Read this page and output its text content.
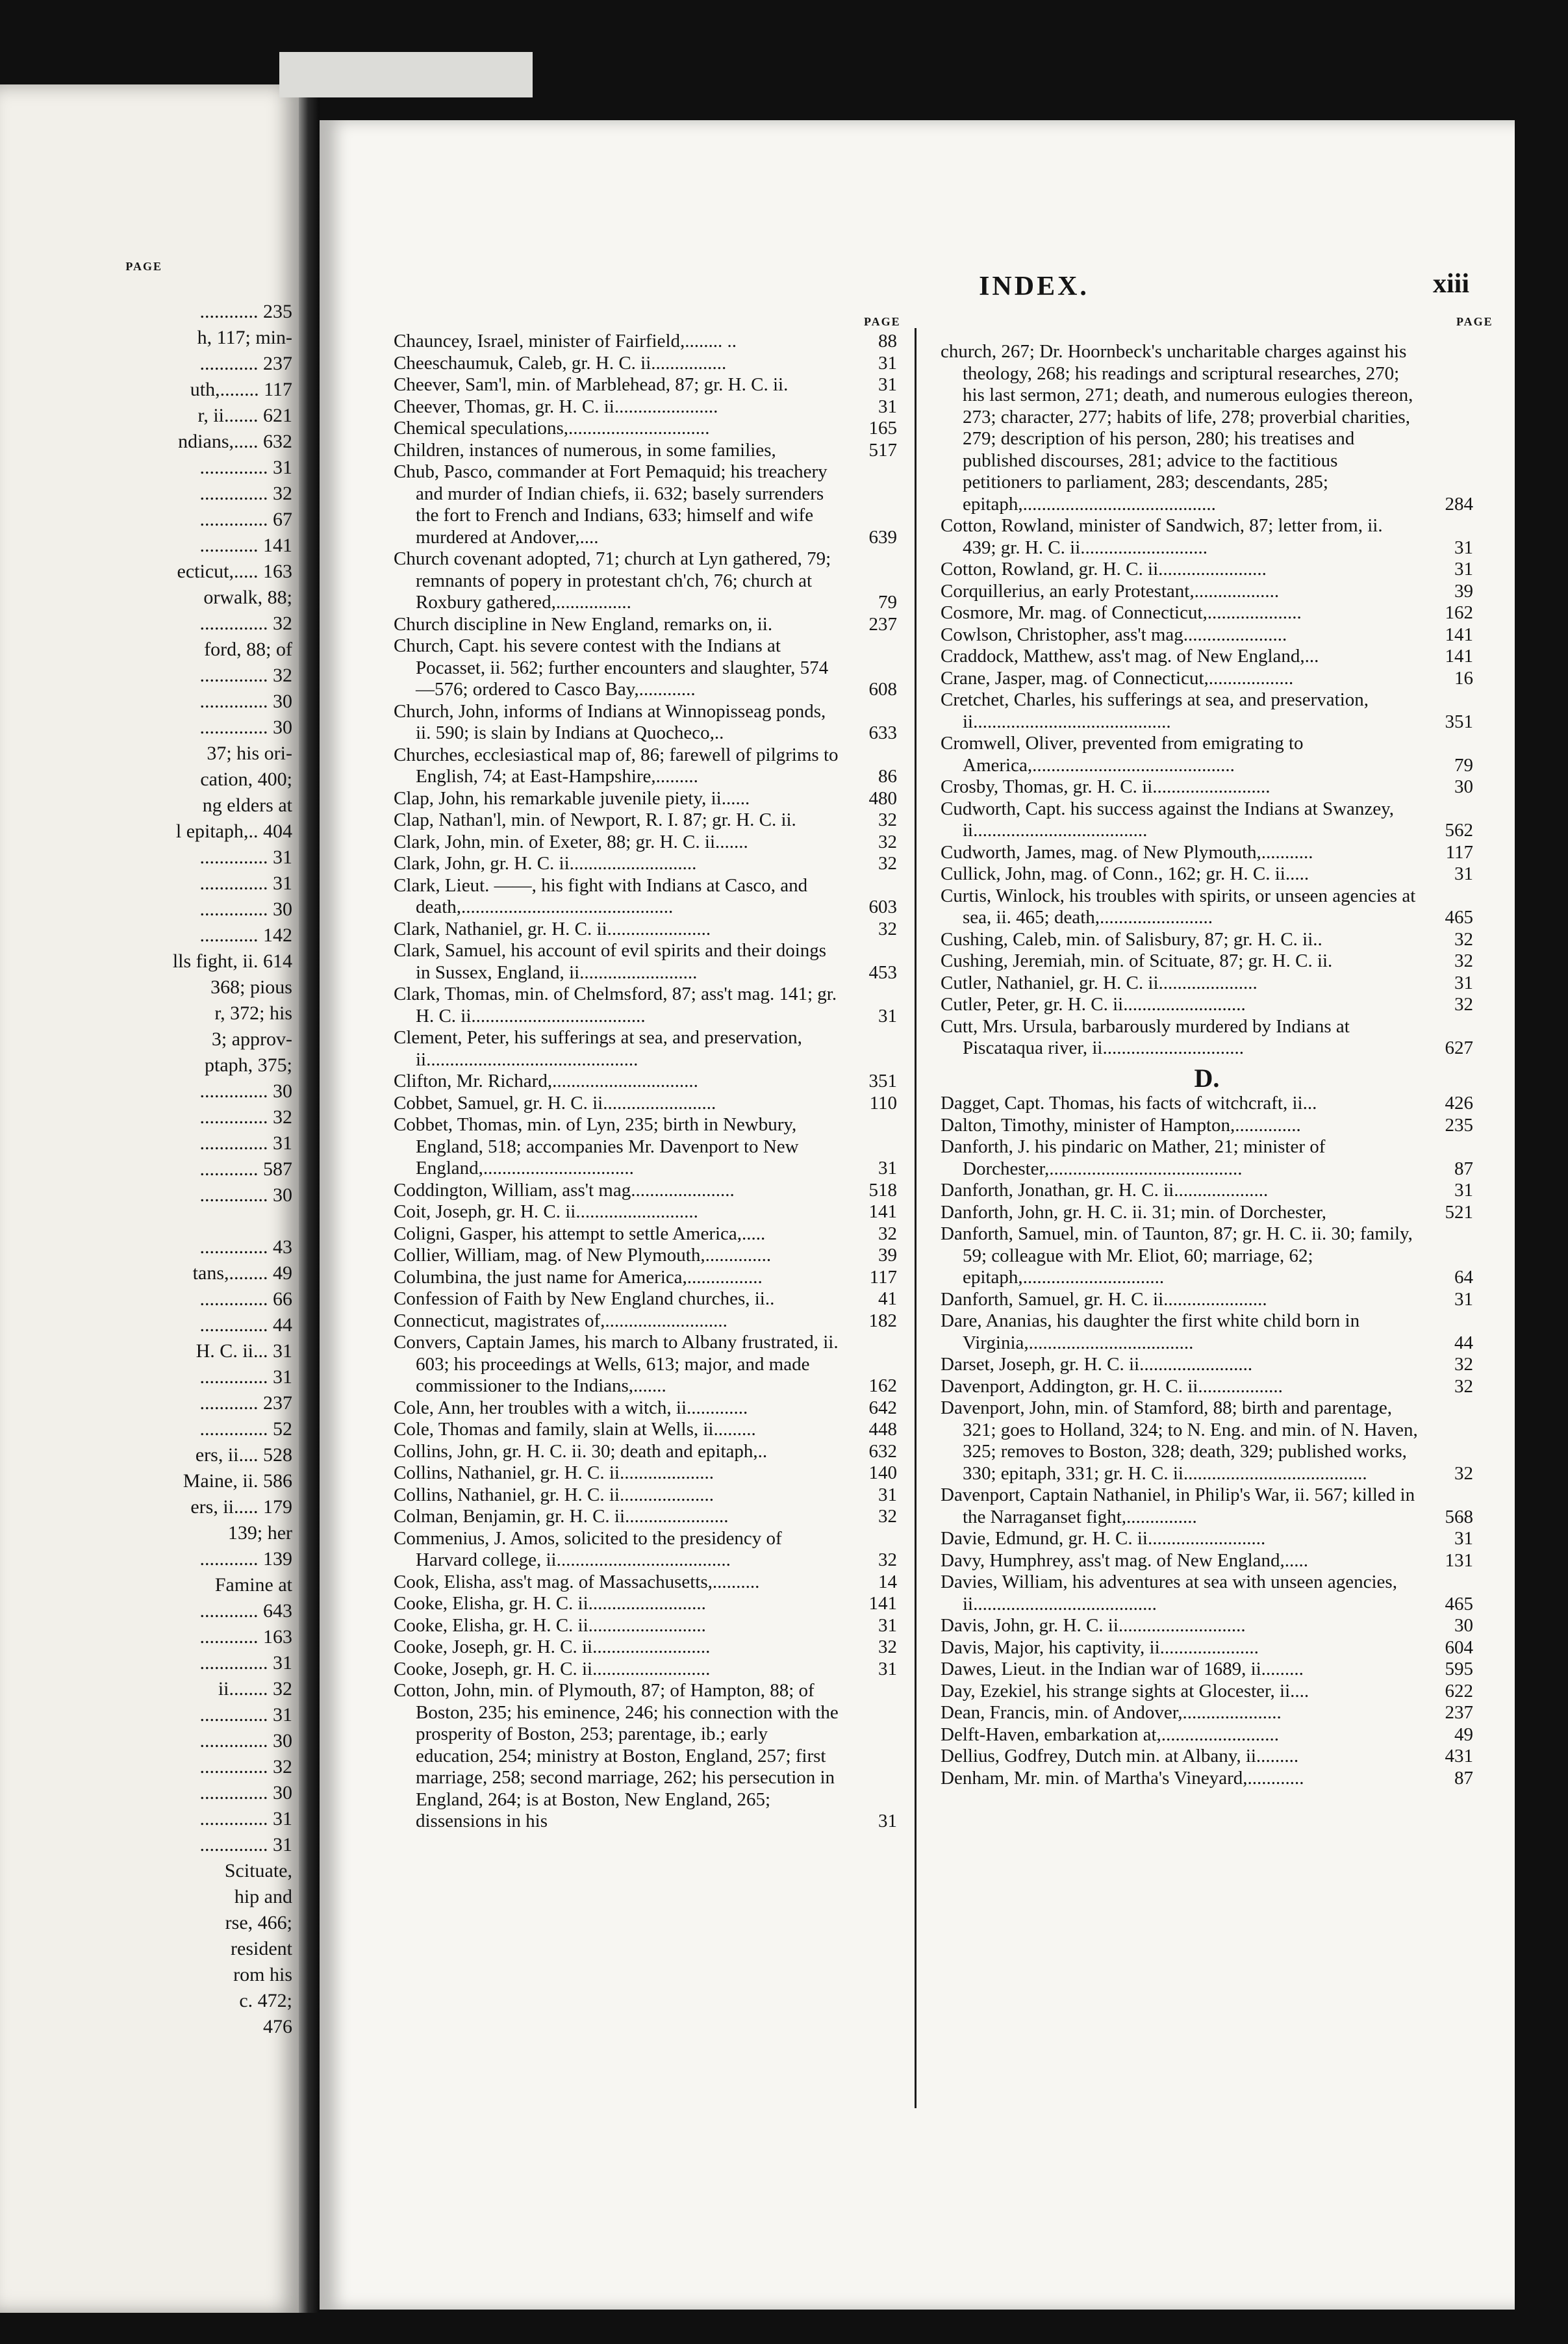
PAGE
............ 235
h, 117; min-
............ 237
uth,........ 117
r, ii....... 621
ndians,..... 632
.............. 31
.............. 32
.............. 67
............ 141
ecticut,..... 163
orwalk, 88;
.............. 32
ford, 88; of
.............. 32
.............. 30
.............. 30
37; his ori-
cation, 400;
ng elders at
l epitaph,.. 404
.............. 31
.............. 31
.............. 30
............ 142
lls fight, ii. 614
368; pious
r, 372; his
3; approv-
ptaph, 375;
.............. 30
.............. 32
.............. 31
............ 587
.............. 30
.............. 43
tans,........ 49
.............. 66
.............. 44
H. C. ii... 31
.............. 31
............ 237
.............. 52
ers, ii.... 528
Maine, ii. 586
ers, ii..... 179
139; her
............ 139
Famine at
............ 643
............ 163
.............. 31
ii........ 32
.............. 31
.............. 30
.............. 32
.............. 30
.............. 31
.............. 31
Scituate,
hip and
rse, 466;
resident
rom his
c. 472;
476
INDEX.	xiii
PAGE	PAGE
Chauncey, Israel, minister of Fairfield,........ ..	88
Cheeschaumuk, Caleb, gr. H. C. ii................	31
Cheever, Sam'l, min. of Marblehead, 87; gr. H. C. ii.	31
Cheever, Thomas, gr. H. C. ii......................	31
Chemical speculations,..............................	165
Children, instances of numerous, in some families,	517
Chub, Pasco, commander at Fort Pemaquid; his treachery and murder of Indian chiefs, ii. 632; basely surrenders the fort to French and Indians, 633; himself and wife murdered at Andover,....	639
Church covenant adopted, 71; church at Lyn gathered, 79; remnants of popery in protestant ch'ch, 76; church at Roxbury gathered,................	79
Church discipline in New England, remarks on, ii.	237
Church, Capt. his severe contest with the Indians at Pocasset, ii. 562; further encounters and slaughter, 574—576; ordered to Casco Bay,............	608
Church, John, informs of Indians at Winnopisseag ponds, ii. 590; is slain by Indians at Quocheco,..	633
Churches, ecclesiastical map of, 86; farewell of pilgrims to English, 74; at East-Hampshire,.........	86
Clap, John, his remarkable juvenile piety, ii......	480
Clap, Nathan'l, min. of Newport, R. I. 87; gr. H. C. ii.	32
Clark, John, min. of Exeter, 88; gr. H. C. ii.......	32
Clark, John, gr. H. C. ii...........................	32
Clark, Lieut. ——, his fight with Indians at Casco, and death,.............................................	603
Clark, Nathaniel, gr. H. C. ii......................	32
Clark, Samuel, his account of evil spirits and their doings in Sussex, England, ii.........................	453
Clark, Thomas, min. of Chelmsford, 87; ass't mag. 141; gr. H. C. ii.....................................	31
Clement, Peter, his sufferings at sea, and preservation, ii.............................................
Clifton, Mr. Richard,...............................	351
Cobbet, Samuel, gr. H. C. ii........................	110
Cobbet, Thomas, min. of Lyn, 235; birth in Newbury, England, 518; accompanies Mr. Davenport to New England,................................	31
Coddington, William, ass't mag......................	518
Coit, Joseph, gr. H. C. ii..........................	141
Coligni, Gasper, his attempt to settle America,.....	32
Collier, William, mag. of New Plymouth,..............	39
Columbina, the just name for America,................	117
Confession of Faith by New England churches, ii..	41
Connecticut, magistrates of,..........................	182
Convers, Captain James, his march to Albany frustrated, ii. 603; his proceedings at Wells, 613; major, and made commissioner to the Indians,.......	162
Cole, Ann, her troubles with a witch, ii.............	642
Cole, Thomas and family, slain at Wells, ii.........	448
Collins, John, gr. H. C. ii. 30; death and epitaph,..	632
Collins, Nathaniel, gr. H. C. ii....................	140
Collins, Nathaniel, gr. H. C. ii....................	31
Colman, Benjamin, gr. H. C. ii......................	32
Commenius, J. Amos, solicited to the presidency of Harvard college, ii.....................................	32
Cook, Elisha, ass't mag. of Massachusetts,..........	14
Cooke, Elisha, gr. H. C. ii.........................	141
Cooke, Elisha, gr. H. C. ii.........................	31
Cooke, Joseph, gr. H. C. ii.........................	32
Cooke, Joseph, gr. H. C. ii.........................	31
Cotton, John, min. of Plymouth, 87; of Hampton, 88; of Boston, 235; his eminence, 246; his connection with the prosperity of Boston, 253; parentage, ib.; early education, 254; ministry at Boston, England, 257; first marriage, 258; second marriage, 262; his persecution in England, 264; is at Boston, New England, 265; dissensions in his	31
church, 267; Dr. Hoornbeck's uncharitable charges against his theology, 268; his readings and scriptural researches, 270; his last sermon, 271; death, and numerous eulogies thereon, 273; character, 277; habits of life, 278; proverbial charities, 279; description of his person, 280; his treatises and published discourses, 281; advice to the factitious petitioners to parliament, 283; descendants, 285; epitaph,.........................................	284
Cotton, Rowland, minister of Sandwich, 87; letter from, ii. 439; gr. H. C. ii...........................	31
Cotton, Rowland, gr. H. C. ii.......................	31
Corquillerius, an early Protestant,..................	39
Cosmore, Mr. mag. of Connecticut,....................	162
Cowlson, Christopher, ass't mag......................	141
Craddock, Matthew, ass't mag. of New England,...	141
Crane, Jasper, mag. of Connecticut,..................	16
Cretchet, Charles, his sufferings at sea, and preservation, ii..........................................	351
Cromwell, Oliver, prevented from emigrating to America,...........................................	79
Crosby, Thomas, gr. H. C. ii.........................	30
Cudworth, Capt. his success against the Indians at Swanzey, ii.....................................	562
Cudworth, James, mag. of New Plymouth,...........	117
Cullick, John, mag. of Conn., 162; gr. H. C. ii.....	31
Curtis, Winlock, his troubles with spirits, or unseen agencies at sea, ii. 465; death,........................	465
Cushing, Caleb, min. of Salisbury, 87; gr. H. C. ii..	32
Cushing, Jeremiah, min. of Scituate, 87; gr. H. C. ii.	32
Cutler, Nathaniel, gr. H. C. ii.....................	31
Cutler, Peter, gr. H. C. ii..........................	32
Cutt, Mrs. Ursula, barbarously murdered by Indians at Piscataqua river, ii..............................	627
D.
Dagget, Capt. Thomas, his facts of witchcraft, ii...	426
Dalton, Timothy, minister of Hampton,..............	235
Danforth, J. his pindaric on Mather, 21; minister of Dorchester,.........................................	87
Danforth, Jonathan, gr. H. C. ii....................	31
Danforth, John, gr. H. C. ii. 31; min. of Dorchester,	521
Danforth, Samuel, min. of Taunton, 87; gr. H. C. ii. 30; family, 59; colleague with Mr. Eliot, 60; marriage, 62; epitaph,..............................	64
Danforth, Samuel, gr. H. C. ii......................	31
Dare, Ananias, his daughter the first white child born in Virginia,...................................	44
Darset, Joseph, gr. H. C. ii........................	32
Davenport, Addington, gr. H. C. ii..................	32
Davenport, John, min. of Stamford, 88; birth and parentage, 321; goes to Holland, 324; to N. Eng. and min. of N. Haven, 325; removes to Boston, 328; death, 329; published works, 330; epitaph, 331; gr. H. C. ii.......................................	32
Davenport, Captain Nathaniel, in Philip's War, ii. 567; killed in the Narraganset fight,...............	568
Davie, Edmund, gr. H. C. ii.........................	31
Davy, Humphrey, ass't mag. of New England,.....	131
Davies, William, his adventures at sea with unseen agencies, ii.......................................	465
Davis, John, gr. H. C. ii...........................	30
Davis, Major, his captivity, ii.....................	604
Dawes, Lieut. in the Indian war of 1689, ii.........	595
Day, Ezekiel, his strange sights at Glocester, ii....	622
Dean, Francis, min. of Andover,.....................	237
Delft-Haven, embarkation at,.........................	49
Dellius, Godfrey, Dutch min. at Albany, ii.........	431
Denham, Mr. min. of Martha's Vineyard,............	87
